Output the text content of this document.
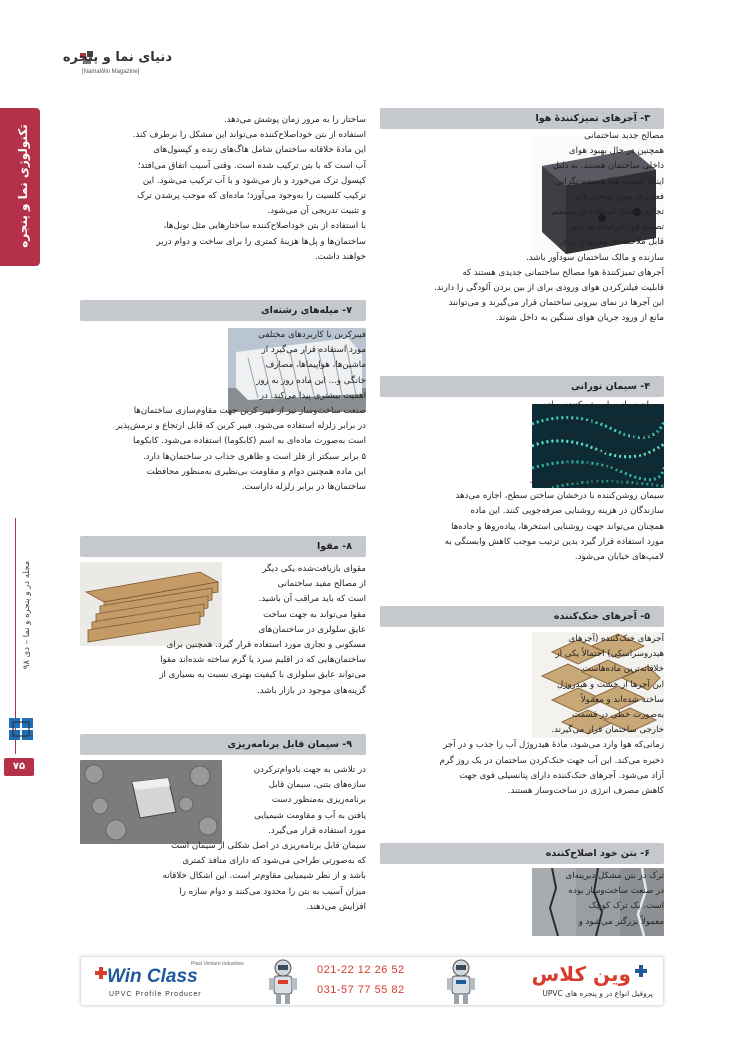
دنیای نما و پنجره
[NamaWin Magazine]
تکنولوژی نما و پنجره
مجله در و پنجره و نما – دی ۹۸
۷۵
۳- آجرهای تمیزکنندۀ هوا
مصالح جدید ساختمانی
همچنین در حال بهبود هوای
داخلی ساختمان هستند. به دلیل
اینکه کیفیت هوا همیشه نگرانی
فعلی در مورد ساختارهای
تجاری است؛ استفاده از سیستم
تصفیۀ هوا غیرفعال به طور
قابل ملاحظه‌ای می‌تواند برای
سازنده و مالک ساختمان سودآور باشد.
آجرهای تمیزکنندۀ هوا مصالح ساختمانی جدیدی هستند که
قابلیت فیلترکردن هوای ورودی برای از بین بردن آلودگی را دارند.
این آجرها در نمای بیرونی ساختمان قرار می‌گیرند و می‌توانند
مانع از ورود جریان هوای سنگین به داخل شوند.
۴- سیمان نورانی
سیمان نورانی یا روشن‌کننده، ماده
جدیدی است که ساخت‌وساز
جاده‌ای را در سال ۲۰۱۹ تحت
تأثیر قرار داده است. این نوع
سیمان نور خورشید را در طول
روز ذخیره و شب‌هنگام منتشر می‌کند.
سیمان روشن‌کننده با درخشان ساختن سطح، اجازه می‌دهد
سازندگان در هزینه روشنایی صرفه‌جویی کنند. این ماده
همچنان می‌تواند جهت روشنایی استخرها، پیاده‌روها و جاده‌ها
مورد استفاده قرار گیرد بدین ترتیب موجب کاهش وابستگی به
لامپ‌های خیابان می‌شود.
۵- آجرهای خنک‌کننده
آجرهای خنک‌کننده (آجرهای
هیدروسرامیکی) احتمالاً یکی از
خلاقانه‌ترین ماده‌هاست.
این آجرها از خشت و هیدروژل
ساخته شده‌اند و معمولاً
به‌صورت خطی در قسمت
خارجی ساختمان قرار می‌گیرند.
زمانی‌که هوا وارد می‌شود، مادۀ هیدروژل آب را جذب و در آجر
ذخیره می‌کند. این آب جهت خنک‌کردن ساختمان در یک روز گرم
آزاد می‌شود. آجرهای خنک‌کننده دارای پتانسیلی قوی جهت
کاهش مصرف انرژی در ساخت‌وساز هستند.
۶- بتن خود اصلاح‌کننده
ترک در بتن مشکل دیرینه‌ای
در صنعت ساخت‌وساز بوده
است. یک ترک کوچک
معمولاً بزرگتر می‌شود و
ساختار را به مرور زمان پوشش می‌دهد.
استفاده از بتن خوداصلاح‌کننده می‌تواند این مشکل را برطرف کند.
این مادۀ خلاقانه ساختمان شامل هاگ‌های زنده و کپسول‌های
آب است که با بتن ترکیب شده است. وقتی آسیب اتفاق می‌افتد؛
کپسول ترک می‌خورد و باز می‌شود و با آب ترکیب می‌شود. این
ترکیب کلسیت را به‌وجود می‌آورد؛ ماده‌ای که موجب پرشدن ترک
و تثبیت تدریجی آن می‌شود.
با استفاده از بتن خوداصلاح‌کننده ساختارهایی مثل تونل‌ها،
ساختمان‌ها و پل‌ها هزینۀ کمتری را برای ساخت و دوام دربر
خواهند داشت.
۷- میله‌های رشته‌ای
فیبرکربن با کاربردهای مختلفی
مورد استفاده قرار می‌گیرد از
ماشین‌ها، هواپیماها، مصارف
خانگی و... این ماده روز به روز
اهمیت بیشتری پیدا می‌کند. در
صنعت ساخت‌وساز نیز از فیبر کربن جهت مقاوم‌سازی ساختمان‌ها
در برابر زلزله استفاده می‌شود. فیبر کربن که قابل ارتجاع و نرمش‌پذیر
است به‌صورت ماده‌ای به اسم (کابکوما) استفاده می‌شود. کابکوما
۵ برابر سبکتر از فلز است و ظاهری جذاب در ساختمان‌ها دارد.
این ماده همچنین دوام و مقاومت بی‌نظیری به‌منظور محافظت
ساختمان‌ها در برابر زلزله داراست.
۸- مقوا
مقوای بازیافت‌شده یکی دیگر
از مصالح مفید ساختمانی
است که باید مراقب آن باشید.
مقوا می‌تواند به جهت ساخت
عایق سلولزی در ساختمان‌های
مسکونی و تجاری مورد استفاده قرار گیرد. همچنین برای
ساختمان‌هایی که در اقلیم سرد یا گرم ساخته شده‌اند مقوا
می‌تواند عایق سلولزی با کیفیت بهتری نسبت به بسیاری از
گزینه‌های موجود در بازار باشد.
۹- سیمان قابل برنامه‌ریزی
در تلاشی به جهت بادوام‌ترکردن
سازه‌های بتنی، سیمان قابل
برنامه‌ریزی به‌منظور دست
یافتن به آب و مقاومت شیمیایی
مورد استفاده قرار می‌گیرد.
سیمان قابل برنامه‌ریزی در اصل شکلی از سیمان است
که به‌صورتی طراحی می‌شود که دارای منافذ کمتری
باشد و از نظر شیمیایی مقاوم‌تر است. این اشکال خلاقانه
میزان آسیب به بتن را محدود می‌کنند و دوام سازه را
افزایش می‌دهند.
Plast Venture Industries
Win Class
UPVC Profile Producer
021-22 12 26 52
031-57 77 55 82
وین کلاس
پروفیل انواع در و پنجره های UPVC
